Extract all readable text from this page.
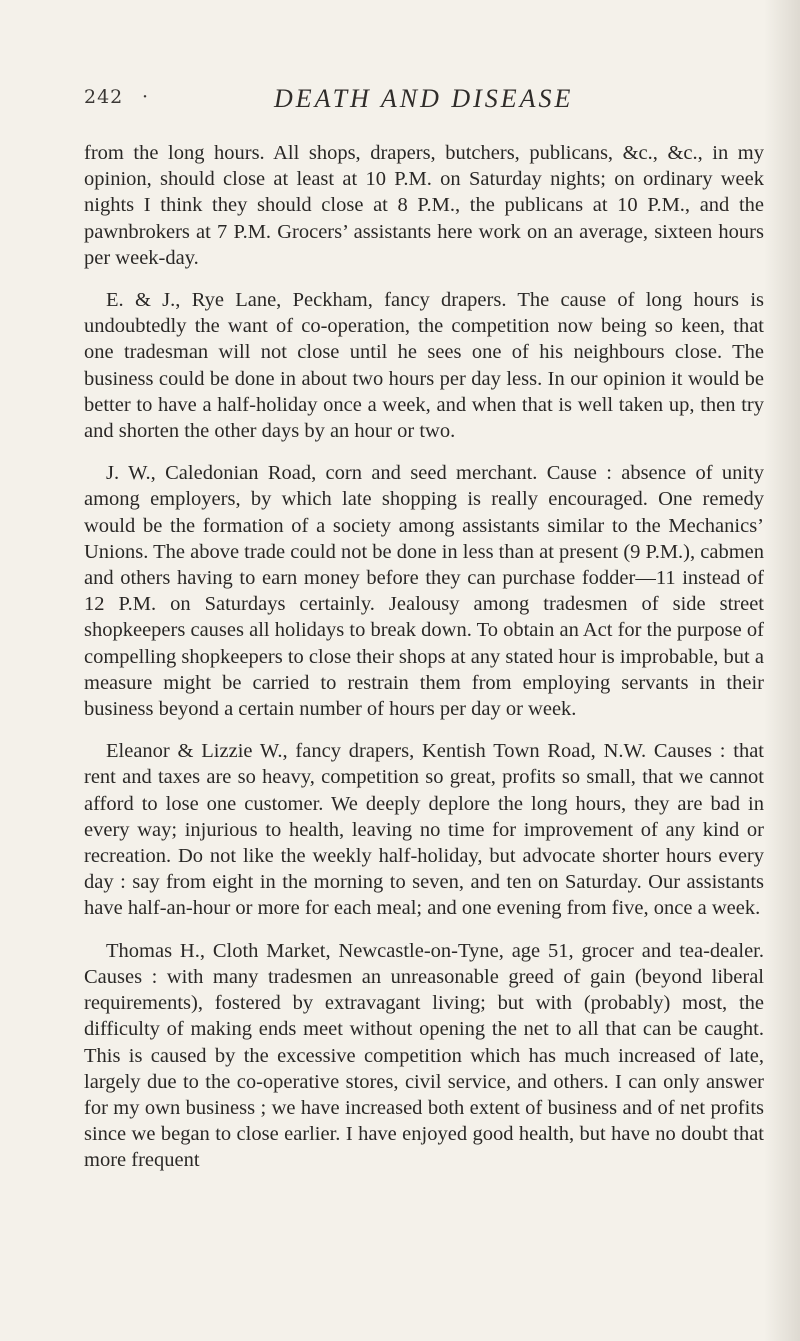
242 ·	DEATH AND DISEASE

from the long hours. All shops, drapers, butchers, publicans, &c., &c., in my opinion, should close at least at 10 P.M. on Saturday nights; on ordinary week nights I think they should close at 8 P.M., the publicans at 10 P.M., and the pawnbrokers at 7 P.M. Grocers’ assistants here work on an average, sixteen hours per week-day.

E. & J., Rye Lane, Peckham, fancy drapers. The cause of long hours is undoubtedly the want of co-operation, the competition now being so keen, that one tradesman will not close until he sees one of his neighbours close. The business could be done in about two hours per day less. In our opinion it would be better to have a half-holiday once a week, and when that is well taken up, then try and shorten the other days by an hour or two.

J. W., Caledonian Road, corn and seed merchant. Cause : absence of unity among employers, by which late shopping is really encouraged. One remedy would be the formation of a society among assistants similar to the Mechanics’ Unions. The above trade could not be done in less than at present (9 P.M.), cabmen and others having to earn money before they can purchase fodder—11 instead of 12 P.M. on Saturdays certainly. Jealousy among tradesmen of side street shopkeepers causes all holidays to break down. To obtain an Act for the purpose of compelling shopkeepers to close their shops at any stated hour is improbable, but a measure might be carried to restrain them from employing servants in their business beyond a certain number of hours per day or week.

Eleanor & Lizzie W., fancy drapers, Kentish Town Road, N.W. Causes : that rent and taxes are so heavy, competition so great, profits so small, that we cannot afford to lose one customer. We deeply deplore the long hours, they are bad in every way; injurious to health, leaving no time for improvement of any kind or recreation. Do not like the weekly half-holiday, but advocate shorter hours every day : say from eight in the morning to seven, and ten on Saturday. Our assistants have half-an-hour or more for each meal; and one evening from five, once a week.

Thomas H., Cloth Market, Newcastle-on-Tyne, age 51, grocer and tea-dealer. Causes : with many tradesmen an unreasonable greed of gain (beyond liberal requirements), fostered by extravagant living; but with (probably) most, the difficulty of making ends meet without opening the net to all that can be caught. This is caused by the excessive competition which has much increased of late, largely due to the co-operative stores, civil service, and others. I can only answer for my own business ; we have increased both extent of business and of net profits since we began to close earlier. I have enjoyed good health, but have no doubt that more frequent
